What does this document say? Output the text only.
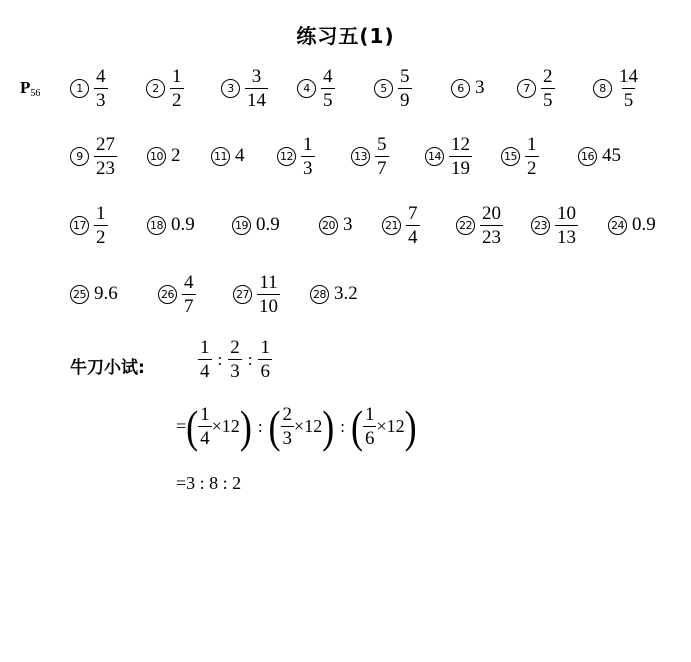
练习五(1)
$P_{56}$	$1 \frac{4}{3}$	$2 \frac{1}{2}$	$3 \frac{3}{14}$	$4 \frac{4}{5}$	$5 \frac{5}{9}$	6 3	$7 \frac{2}{5}$	$8 \frac{14}{5}$
$9 \frac{27}{23}$	10 2	11 4	$12 \frac{1}{3}$	$13 \frac{5}{7}$	$14 \frac{12}{19}$	$15 \frac{1}{2}$	16 45
$17 \frac{1}{2}$	18 0.9	19 0.9	20 3	$21 \frac{7}{4}$	$22 \frac{20}{23}$	$23 \frac{10}{13}$	24 0.9
25 9.6	$26 \frac{4}{7}$	$27 \frac{11}{10}$	28 3.2
牛刀小试:	$\frac{1}{4}$ : $\frac{2}{3}$ : $\frac{1}{6}$
= ( $\frac{1}{4} \times 12$ ) : ( $\frac{2}{3} \times 12$ ) : ( $\frac{1}{6} \times 12$ )
= 3 : 8 : 2
